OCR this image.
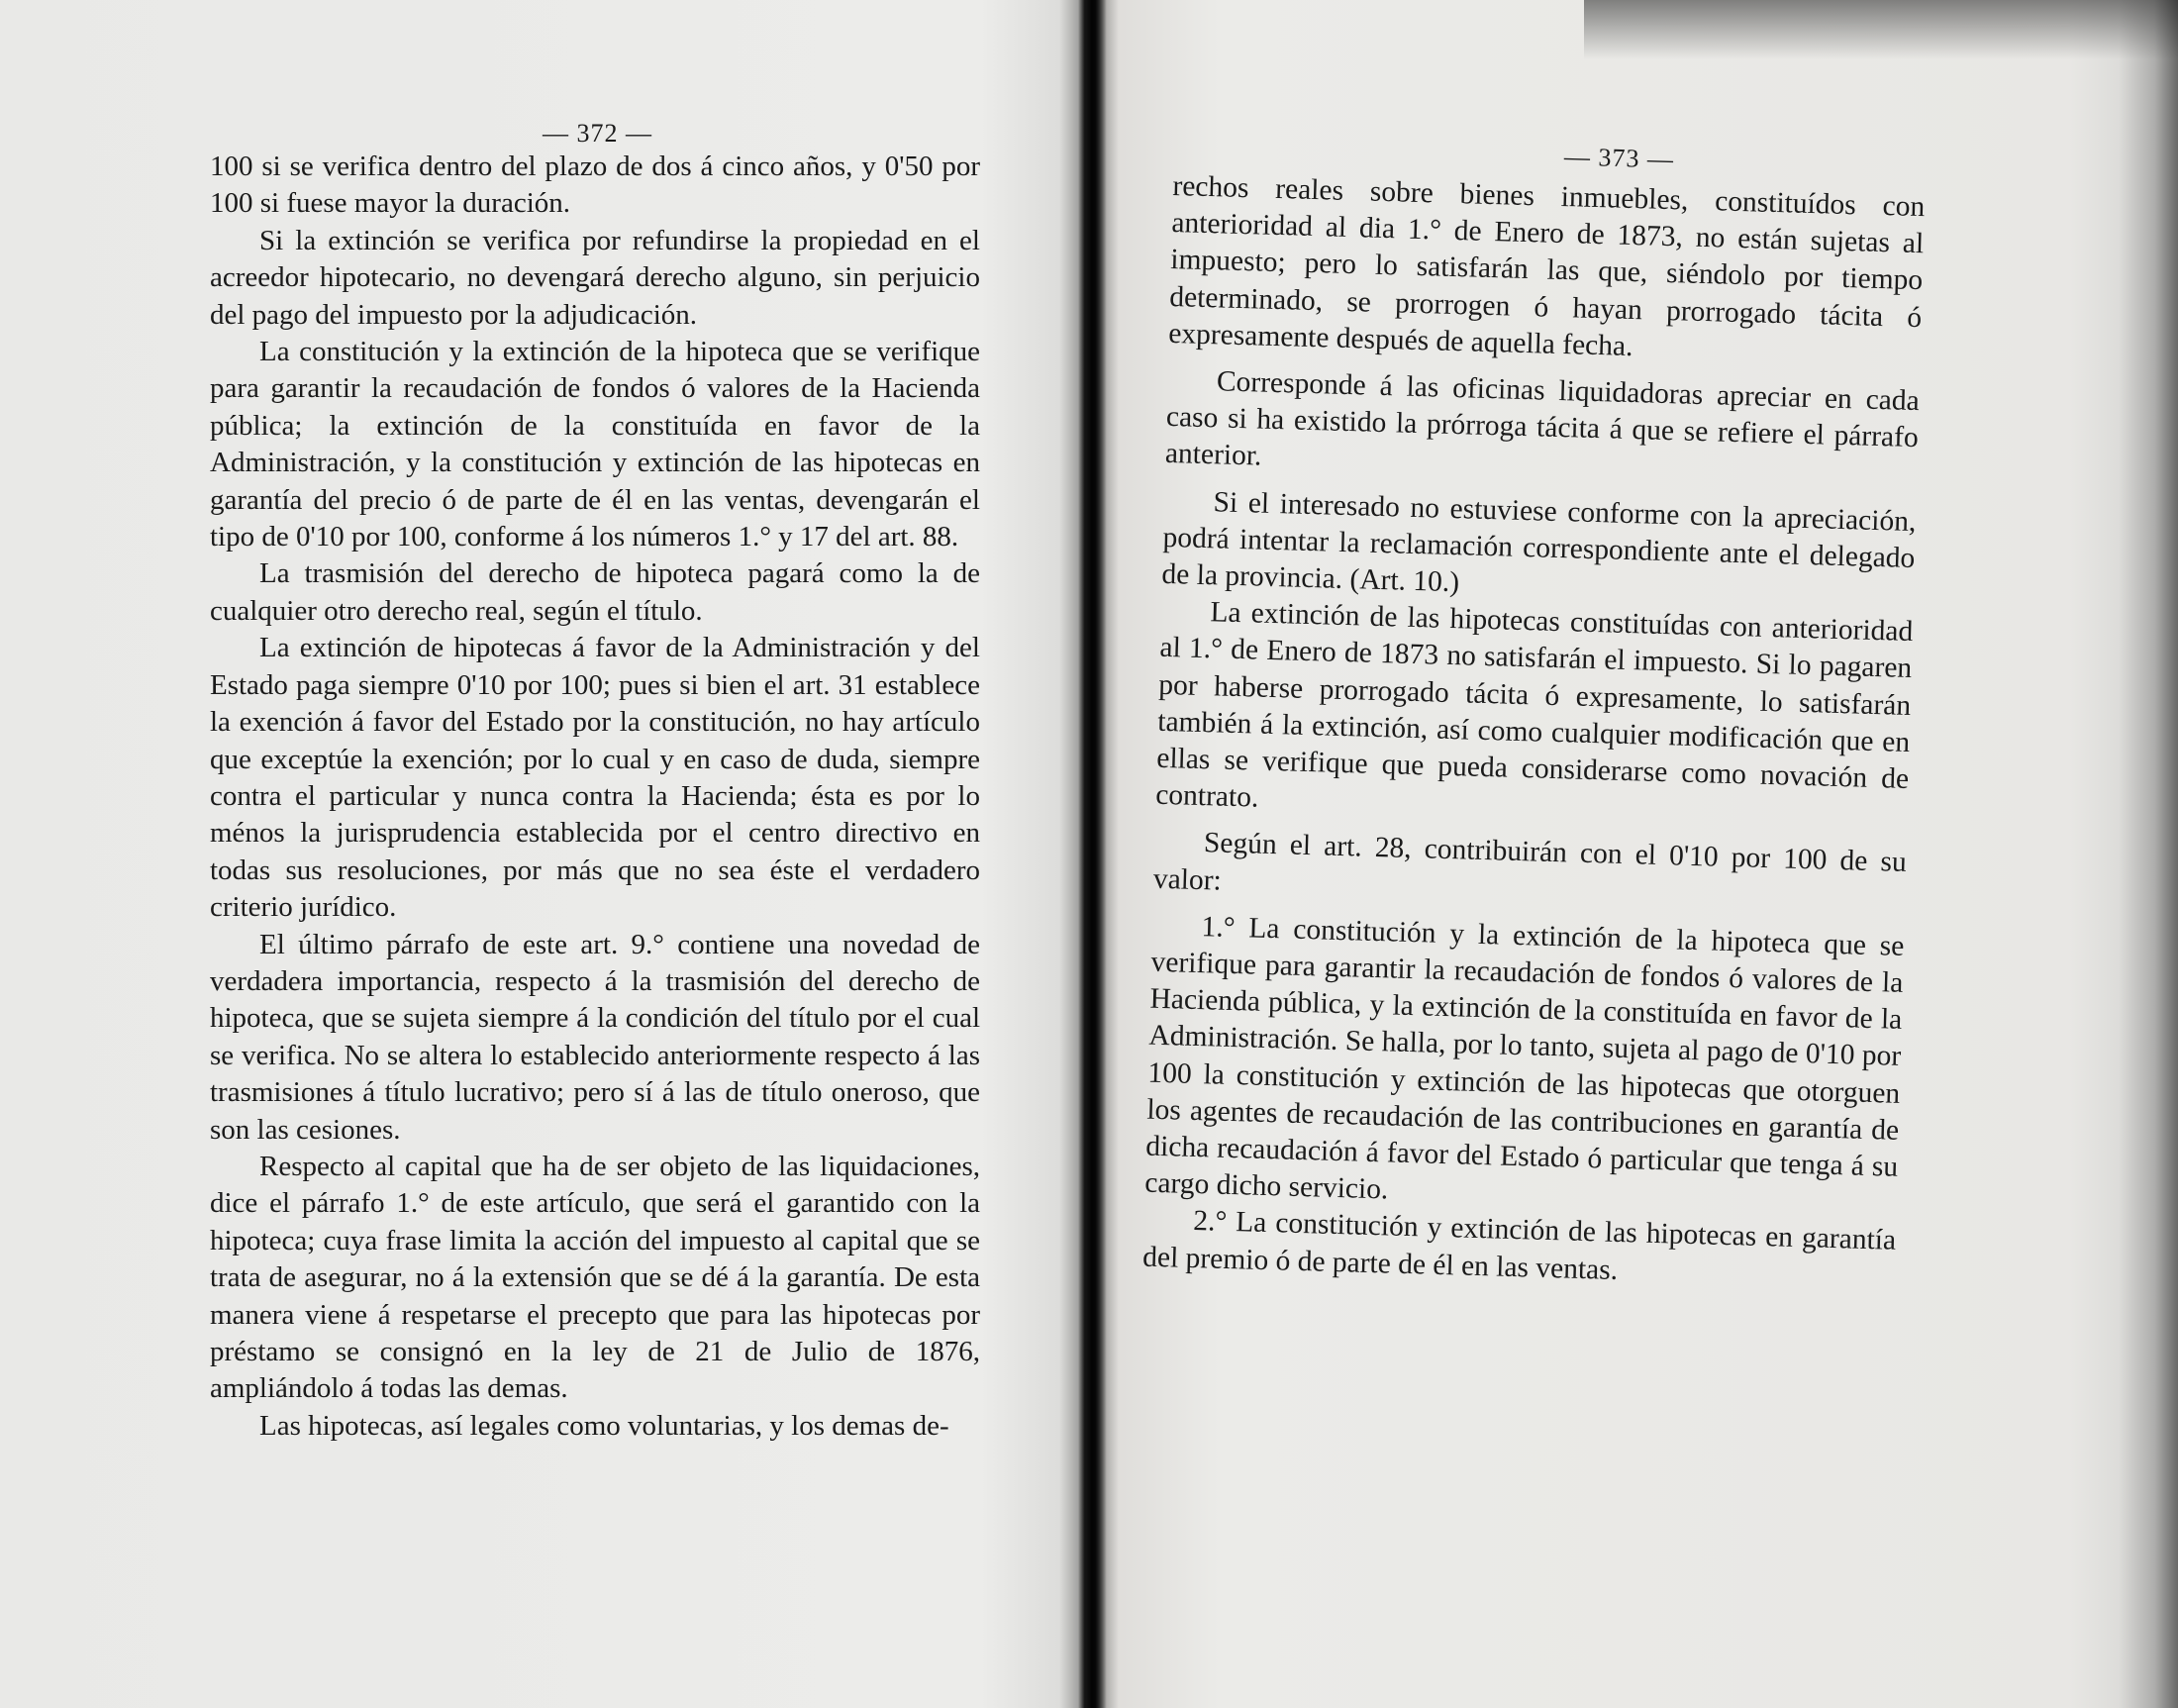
— 372 —

100 si se verifica dentro del plazo de dos á cinco años, y 0'50 por 100 si fuese mayor la duración.

Si la extinción se verifica por refundirse la propiedad en el acreedor hipotecario, no devengará derecho alguno, sin perjuicio del pago del impuesto por la adjudicación.

La constitución y la extinción de la hipoteca que se verifique para garantir la recaudación de fondos ó valores de la Hacienda pública; la extinción de la constituída en favor de la Administración, y la constitución y extinción de las hipotecas en garantía del precio ó de parte de él en las ventas, devengarán el tipo de 0'10 por 100, conforme á los números 1.° y 17 del art. 88.

La trasmisión del derecho de hipoteca pagará como la de cualquier otro derecho real, según el título.

La extinción de hipotecas á favor de la Administración y del Estado paga siempre 0'10 por 100; pues si bien el art. 31 establece la exención á favor del Estado por la constitución, no hay artículo que exceptúe la exención; por lo cual y en caso de duda, siempre contra el particular y nunca contra la Hacienda; ésta es por lo ménos la jurisprudencia establecida por el centro directivo en todas sus resoluciones, por más que no sea éste el verdadero criterio jurídico.

El último párrafo de este art. 9.° contiene una novedad de verdadera importancia, respecto á la trasmisión del derecho de hipoteca, que se sujeta siempre á la condición del título por el cual se verifica. No se altera lo establecido anteriormente respecto á las trasmisiones á título lucrativo; pero sí á las de título oneroso, que son las cesiones.

Respecto al capital que ha de ser objeto de las liquidaciones, dice el párrafo 1.° de este artículo, que será el garantido con la hipoteca; cuya frase limita la acción del impuesto al capital que se trata de asegurar, no á la extensión que se dé á la garantía. De esta manera viene á respetarse el precepto que para las hipotecas por préstamo se consignó en la ley de 21 de Julio de 1876, ampliándolo á todas las demas.

Las hipotecas, así legales como voluntarias, y los demas de-

— 373 —

rechos reales sobre bienes inmuebles, constituídos con anterioridad al dia 1.° de Enero de 1873, no están sujetas al impuesto; pero lo satisfarán las que, siéndolo por tiempo determinado, se prorrogen ó hayan prorrogado tácita ó expresamente después de aquella fecha.

Corresponde á las oficinas liquidadoras apreciar en cada caso si ha existido la prórroga tácita á que se refiere el párrafo anterior.

Si el interesado no estuviese conforme con la apreciación, podrá intentar la reclamación correspondiente ante el delegado de la provincia. (Art. 10.)

La extinción de las hipotecas constituídas con anterioridad al 1.° de Enero de 1873 no satisfarán el impuesto. Si lo pagaren por haberse prorrogado tácita ó expresamente, lo satisfarán también á la extinción, así como cualquier modificación que en ellas se verifique que pueda considerarse como novación de contrato.

Según el art. 28, contribuirán con el 0'10 por 100 de su valor:

1.° La constitución y la extinción de la hipoteca que se verifique para garantir la recaudación de fondos ó valores de la Hacienda pública, y la extinción de la constituída en favor de la Administración. Se halla, por lo tanto, sujeta al pago de 0'10 por 100 la constitución y extinción de las hipotecas que otorguen los agentes de recaudación de las contribuciones en garantía de dicha recaudación á favor del Estado ó particular que tenga á su cargo dicho servicio.

2.° La constitución y extinción de las hipotecas en garantía del premio ó de parte de él en las ventas.
